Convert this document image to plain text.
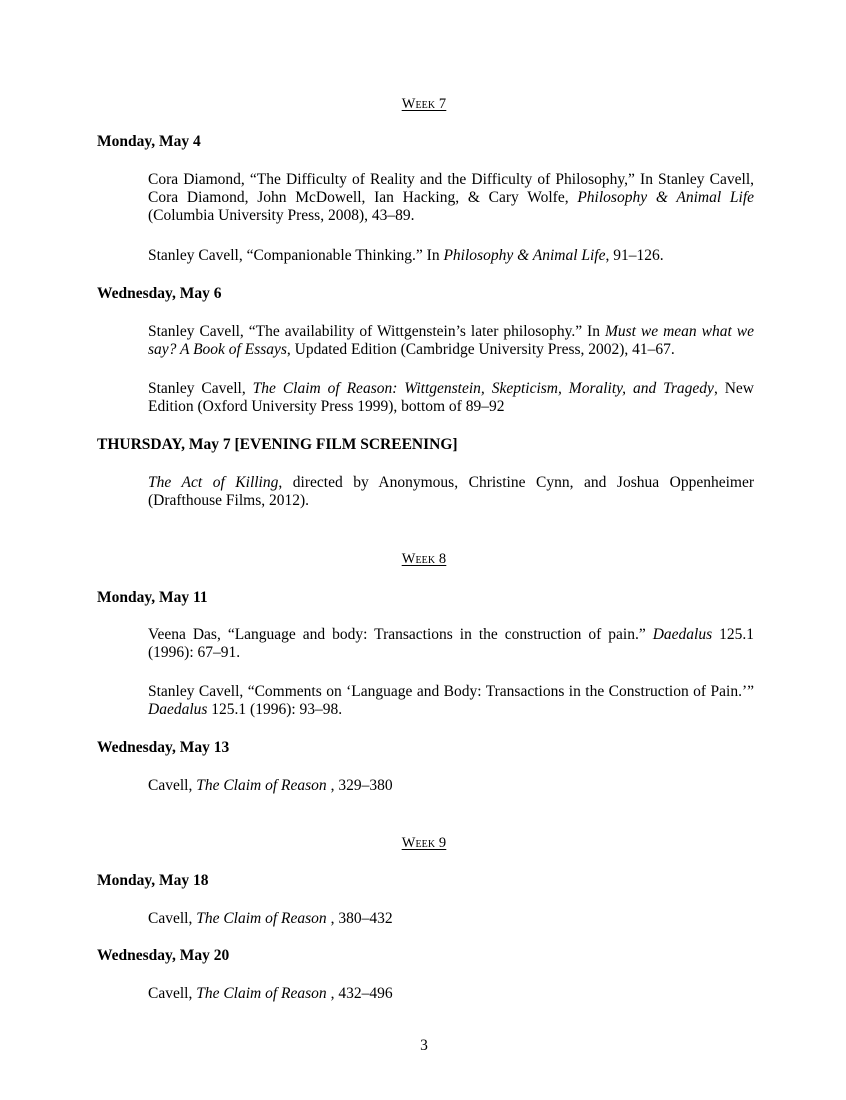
Week 7
Monday, May 4
Cora Diamond, “The Difficulty of Reality and the Difficulty of Philosophy,” In Stanley Cavell, Cora Diamond, John McDowell, Ian Hacking, & Cary Wolfe, Philosophy & Animal Life (Columbia University Press, 2008), 43–89.
Stanley Cavell, “Companionable Thinking.” In Philosophy & Animal Life, 91–126.
Wednesday, May 6
Stanley Cavell, “The availability of Wittgenstein’s later philosophy.” In Must we mean what we say? A Book of Essays, Updated Edition (Cambridge University Press, 2002), 41–67.
Stanley Cavell, The Claim of Reason: Wittgenstein, Skepticism, Morality, and Tragedy, New Edition (Oxford University Press 1999), bottom of 89–92
THURSDAY, May 7 [EVENING FILM SCREENING]
The Act of Killing, directed by Anonymous, Christine Cynn, and Joshua Oppenheimer (Drafthouse Films, 2012).
Week 8
Monday, May 11
Veena Das, “Language and body: Transactions in the construction of pain.” Daedalus 125.1 (1996): 67–91.
Stanley Cavell, “Comments on ‘Language and Body: Transactions in the Construction of Pain.’” Daedalus 125.1 (1996): 93–98.
Wednesday, May 13
Cavell, The Claim of Reason , 329–380
Week 9
Monday, May 18
Cavell, The Claim of Reason , 380–432
Wednesday, May 20
Cavell, The Claim of Reason , 432–496
3
